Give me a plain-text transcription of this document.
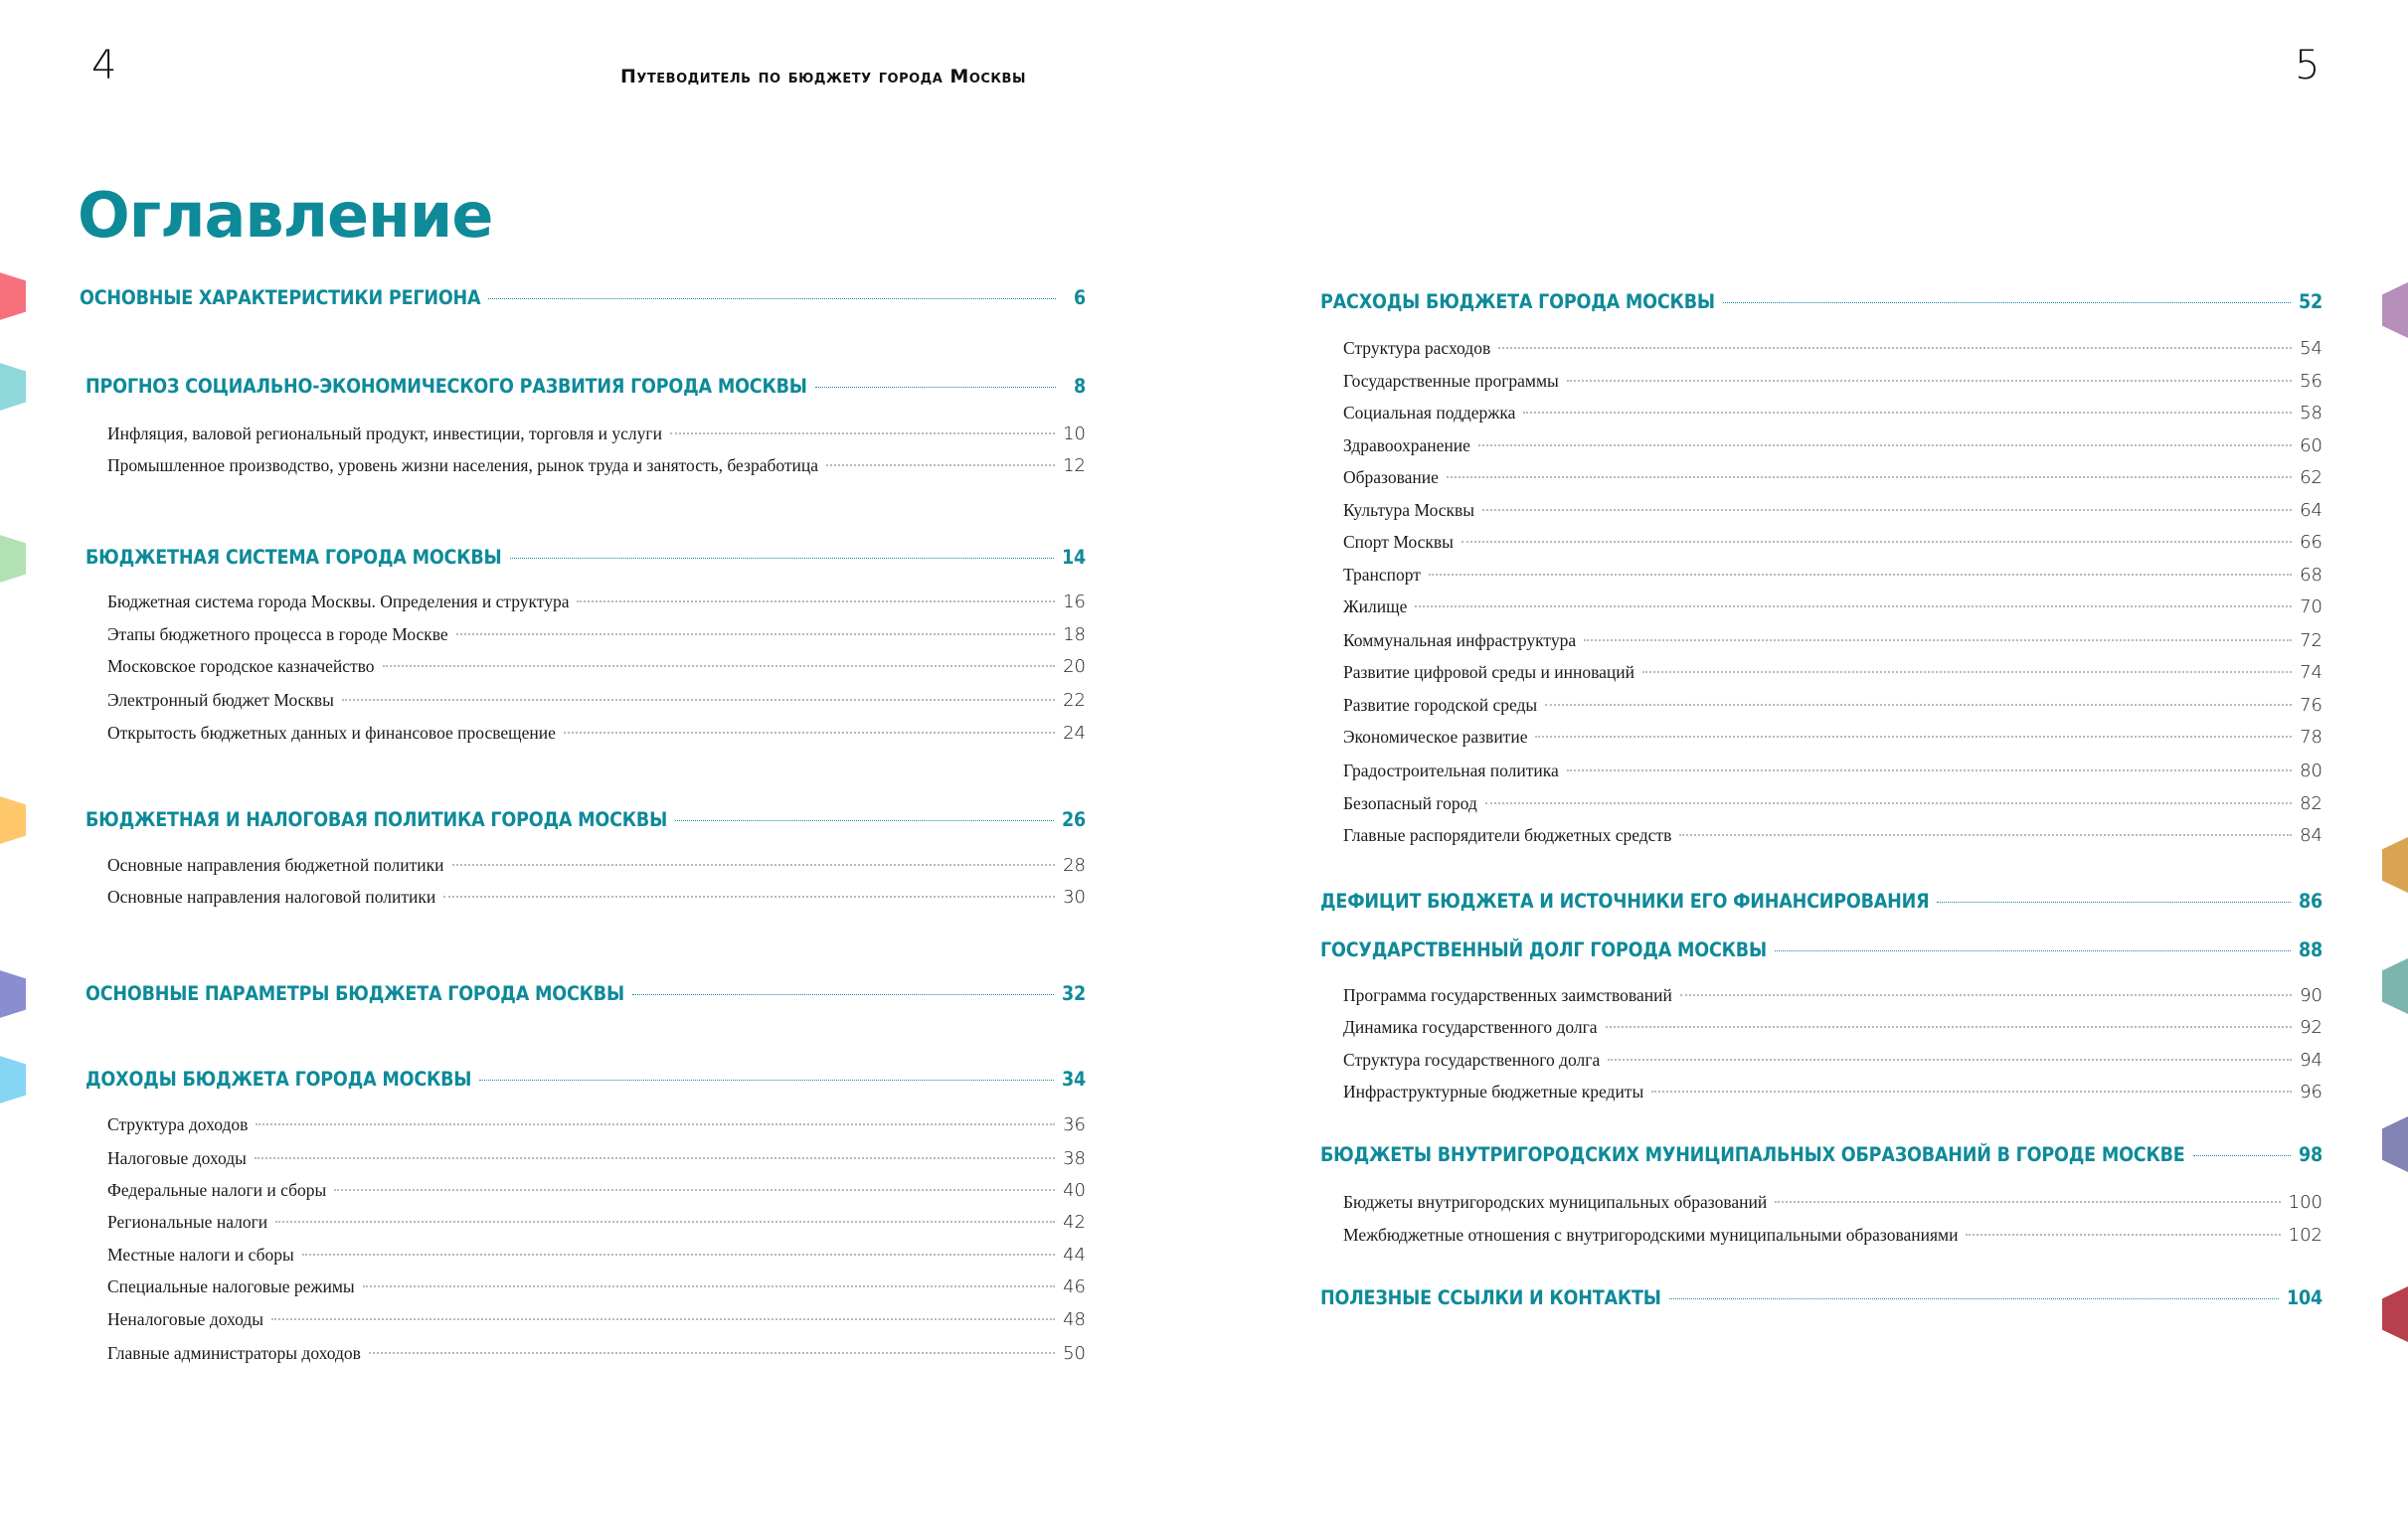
4	Путеводитель по бюджету города Москвы	5
Оглавление
ОСНОВНЫЕ ХАРАКТЕРИСТИКИ РЕГИОНА	6
ПРОГНОЗ СОЦИАЛЬНО-ЭКОНОМИЧЕСКОГО РАЗВИТИЯ ГОРОДА МОСКВЫ	8
Инфляция, валовой региональный продукт, инвестиции, торговля и услуги	10
Промышленное производство, уровень жизни населения, рынок труда и занятость, безработица	12
БЮДЖЕТНАЯ СИСТЕМА ГОРОДА МОСКВЫ	14
Бюджетная система города Москвы. Определения и структура	16
Этапы бюджетного процесса в городе Москве	18
Московское городское казначейство	20
Электронный бюджет Москвы	22
Открытость бюджетных данных и финансовое просвещение	24
БЮДЖЕТНАЯ И НАЛОГОВАЯ ПОЛИТИКА ГОРОДА МОСКВЫ	26
Основные направления бюджетной политики	28
Основные направления налоговой политики	30
ОСНОВНЫЕ ПАРАМЕТРЫ БЮДЖЕТА ГОРОДА МОСКВЫ	32
ДОХОДЫ БЮДЖЕТА ГОРОДА МОСКВЫ	34
Структура доходов	36
Налоговые доходы	38
Федеральные налоги и сборы	40
Региональные налоги	42
Местные налоги и сборы	44
Специальные налоговые режимы	46
Неналоговые доходы	48
Главные администраторы доходов	50
РАСХОДЫ БЮДЖЕТА ГОРОДА МОСКВЫ	52
Структура расходов	54
Государственные программы	56
Социальная поддержка	58
Здравоохранение	60
Образование	62
Культура Москвы	64
Спорт Москвы	66
Транспорт	68
Жилище	70
Коммунальная инфраструктура	72
Развитие цифровой среды и инноваций	74
Развитие городской среды	76
Экономическое развитие	78
Градостроительная политика	80
Безопасный город	82
Главные распорядители бюджетных средств	84
ДЕФИЦИТ БЮДЖЕТА И ИСТОЧНИКИ ЕГО ФИНАНСИРОВАНИЯ	86
ГОСУДАРСТВЕННЫЙ ДОЛГ ГОРОДА МОСКВЫ	88
Программа государственных заимствований	90
Динамика государственного долга	92
Структура государственного долга	94
Инфраструктурные бюджетные кредиты	96
БЮДЖЕТЫ ВНУТРИГОРОДСКИХ МУНИЦИПАЛЬНЫХ ОБРАЗОВАНИЙ В ГОРОДЕ МОСКВЕ	98
Бюджеты внутригородских муниципальных образований	100
Межбюджетные отношения с внутригородскими муниципальными образованиями	102
ПОЛЕЗНЫЕ ССЫЛКИ И КОНТАКТЫ	104
